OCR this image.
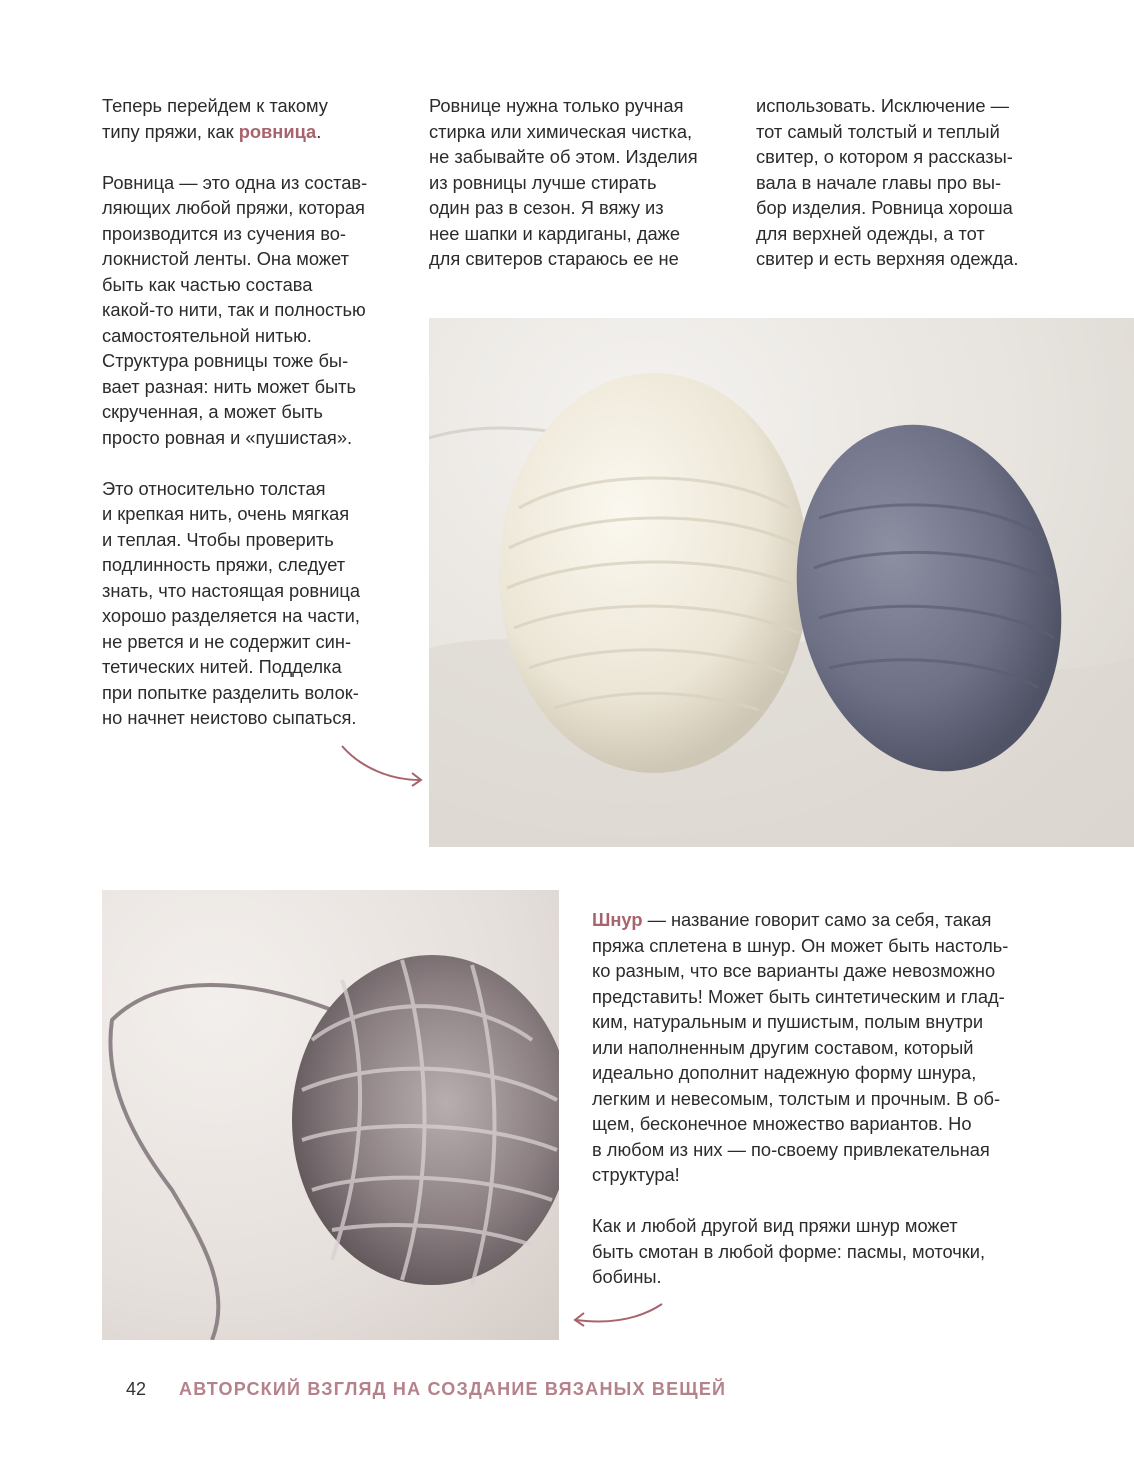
Теперь перейдем к такому
типу пряжи, как ровница.

Ровница — это одна из состав-
ляющих любой пряжи, которая
производится из сучения во-
локнистой ленты. Она может
быть как частью состава
какой-то нити, так и полностью
самостоятельной нитью.
Структура ровницы тоже бы-
вает разная: нить может быть
скрученная, а может быть
просто ровная и «пушистая».

Это относительно толстая
и крепкая нить, очень мягкая
и теплая. Чтобы проверить
подлинность пряжи, следует
знать, что настоящая ровница
хорошо разделяется на части,
не рвется и не содержит син-
тетических нитей. Подделка
при попытке разделить волок-
но начнет неистово сыпаться.

Ровнице нужна только ручная
стирка или химическая чистка,
не забывайте об этом. Изделия
из ровницы лучше стирать
один раз в сезон. Я вяжу из
нее шапки и кардиганы, даже
для свитеров стараюсь ее не

использовать. Исключение —
тот самый толстый и теплый
свитер, о котором я рассказы-
вала в начале главы про вы-
бор изделия. Ровница хороша
для верхней одежды, а тот
свитер и есть верхняя одежда.

Шнур — название говорит само за себя, такая
пряжа сплетена в шнур. Он может быть настоль-
ко разным, что все варианты даже невозможно
представить! Может быть синтетическим и глад-
ким, натуральным и пушистым, полым внутри
или наполненным другим составом, который
идеально дополнит надежную форму шнура,
легким и невесомым, толстым и прочным. В об-
щем, бесконечное множество вариантов. Но
в любом из них — по-своему привлекательная
структура!

Как и любой другой вид пряжи шнур может
быть смотан в любой форме: пасмы, моточки,
бобины.

42 АВТОРСКИЙ ВЗГЛЯД НА СОЗДАНИЕ ВЯЗАНЫХ ВЕЩЕЙ
